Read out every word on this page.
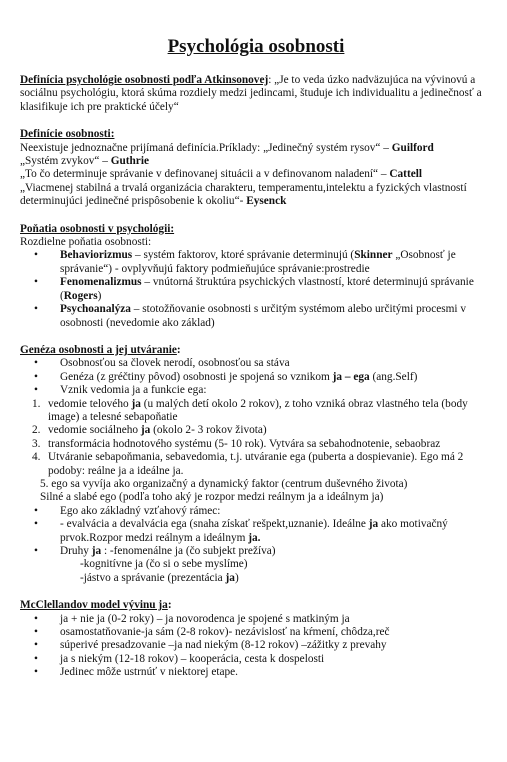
Psychológia osobnosti
Definícia psychológie osobnosti podľa Atkinsonovej: „Je to veda úzko nadväzujúca na vývinovú a sociálnu psychológiu, ktorá skúma rozdiely medzi jedincami, študuje ich individualitu a jedinečnosť a klasifikuje ich pre praktické účely“
Definície osobnosti:
Neexistuje jednoznačne prijímaná definícia.Príklady: „Jedinečný systém rysov“ – Guilford
„Systém zvykov“ – Guthrie
„To čo determinuje správanie v definovanej situácii a v definovanom naladení“ – Cattell
„Viacmenej stabilná a trvalá organizácia charakteru, temperamentu,intelektu a fyzických vlastností determinujúci jedinečné prispôsobenie k okoliu“- Eysenck
Poňatia osobnosti v psychológii:
Rozdielne poňatia osobnosti:
• Behaviorizmus – systém faktorov, ktoré správanie determinujú (Skinner „Osobnosť je správanie“) - ovplyvňujú faktory podmieňujúce správanie:prostredie
• Fenomenalizmus – vnútorná štruktúra psychických vlastností, ktoré determinujú správanie (Rogers)
• Psychoanalýza – stotožňovanie osobnosti s určitým systémom alebo určitými procesmi v osobnosti (nevedomie ako základ)
Genéza osobnosti a jej utváranie:
• Osobnosťou sa človek nerodí, osobnosťou sa stáva
• Genéza (z gréčtiny pôvod) osobnosti je spojená so vznikom ja – ega (ang.Self)
• Vznik vedomia ja a funkcie ega:
1. vedomie telového ja (u malých detí okolo 2 rokov), z toho vzniká obraz vlastného tela (body image) a telesné sebapoňatie
2. vedomie sociálneho ja (okolo 2- 3 rokov života)
3. transformácia hodnotového systému (5- 10 rok). Vytvára sa sebahodnotenie, sebaobraz
4. Utváranie sebapoňmania, sebavedomia, t.j. utváranie ega (puberta a dospievanie). Ego má 2 podoby: reálne ja a ideálne ja.
5. ego sa vyvíja ako organizačný a dynamický faktor (centrum duševného života)
Silné a slabé ego (podľa toho aký je rozpor medzi reálnym ja a ideálnym ja)
• Ego ako základný vzťahový rámec:
• - evalvácia a devalvácia ega (snaha získať rešpekt,uznanie). Ideálne ja ako motivačný prvok.Rozpor medzi reálnym a ideálnym ja.
• Druhy ja : -fenomenálne ja (čo subjekt prežíva)
-kognitívne ja (čo si o sebe myslíme)
-jástvo a správanie (prezentácia ja)
McClellandov model vývinu ja:
• ja + nie ja (0-2 roky) – ja novorodenca je spojené s matkiným ja
• osamostatňovanie-ja sám (2-8 rokov)- nezávislosť na kŕmení, chôdza,reč
• súperivé presadzovanie –ja nad niekým (8-12 rokov) –zážitky z prevahy
• ja s niekým (12-18 rokov) – kooperácia, cesta k dospelosti
• Jedinec môže ustrnúť v niektorej etape.
